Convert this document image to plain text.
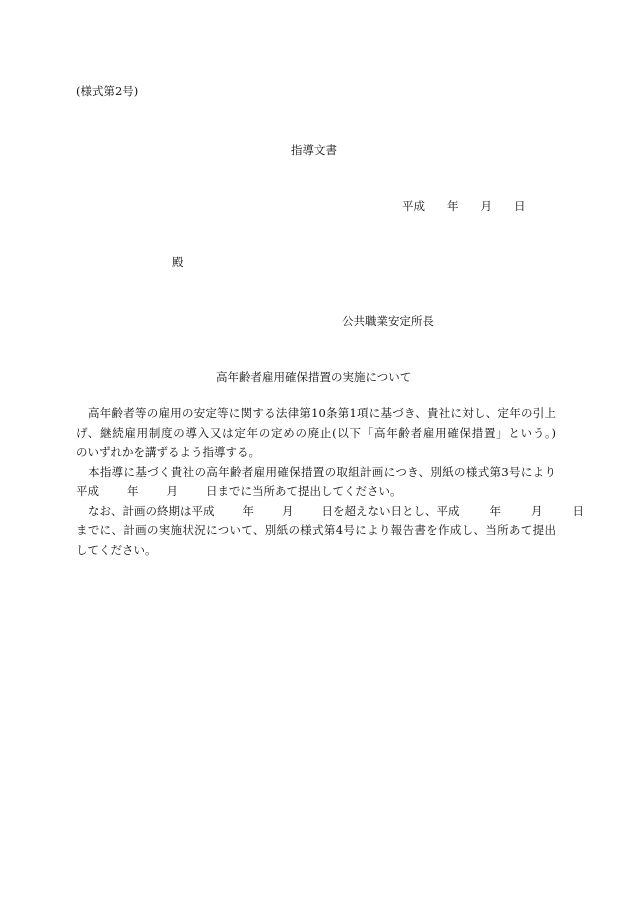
(様式第2号)
指導文書
平成 年 月 日
殿
公共職業安定所長
高年齢者雇用確保措置の実施について
高年齢者等の雇用の安定等に関する法律第10条第1項に基づき、貴社に対し、定年の引上
げ、継続雇用制度の導入又は定年の定めの廃止(以下「高年齢者雇用確保措置」という。)
のいずれかを講ずるよう指導する。
本指導に基づく貴社の高年齢者雇用確保措置の取組計画につき、別紙の様式第3号により
平成 年 月 日までに当所あて提出してください。
なお、計画の終期は平成 年 月 日を超えない日とし、平成	年	月	日
までに、計画の実施状況について、別紙の様式第4号により報告書を作成し、当所あて提出
してください。
